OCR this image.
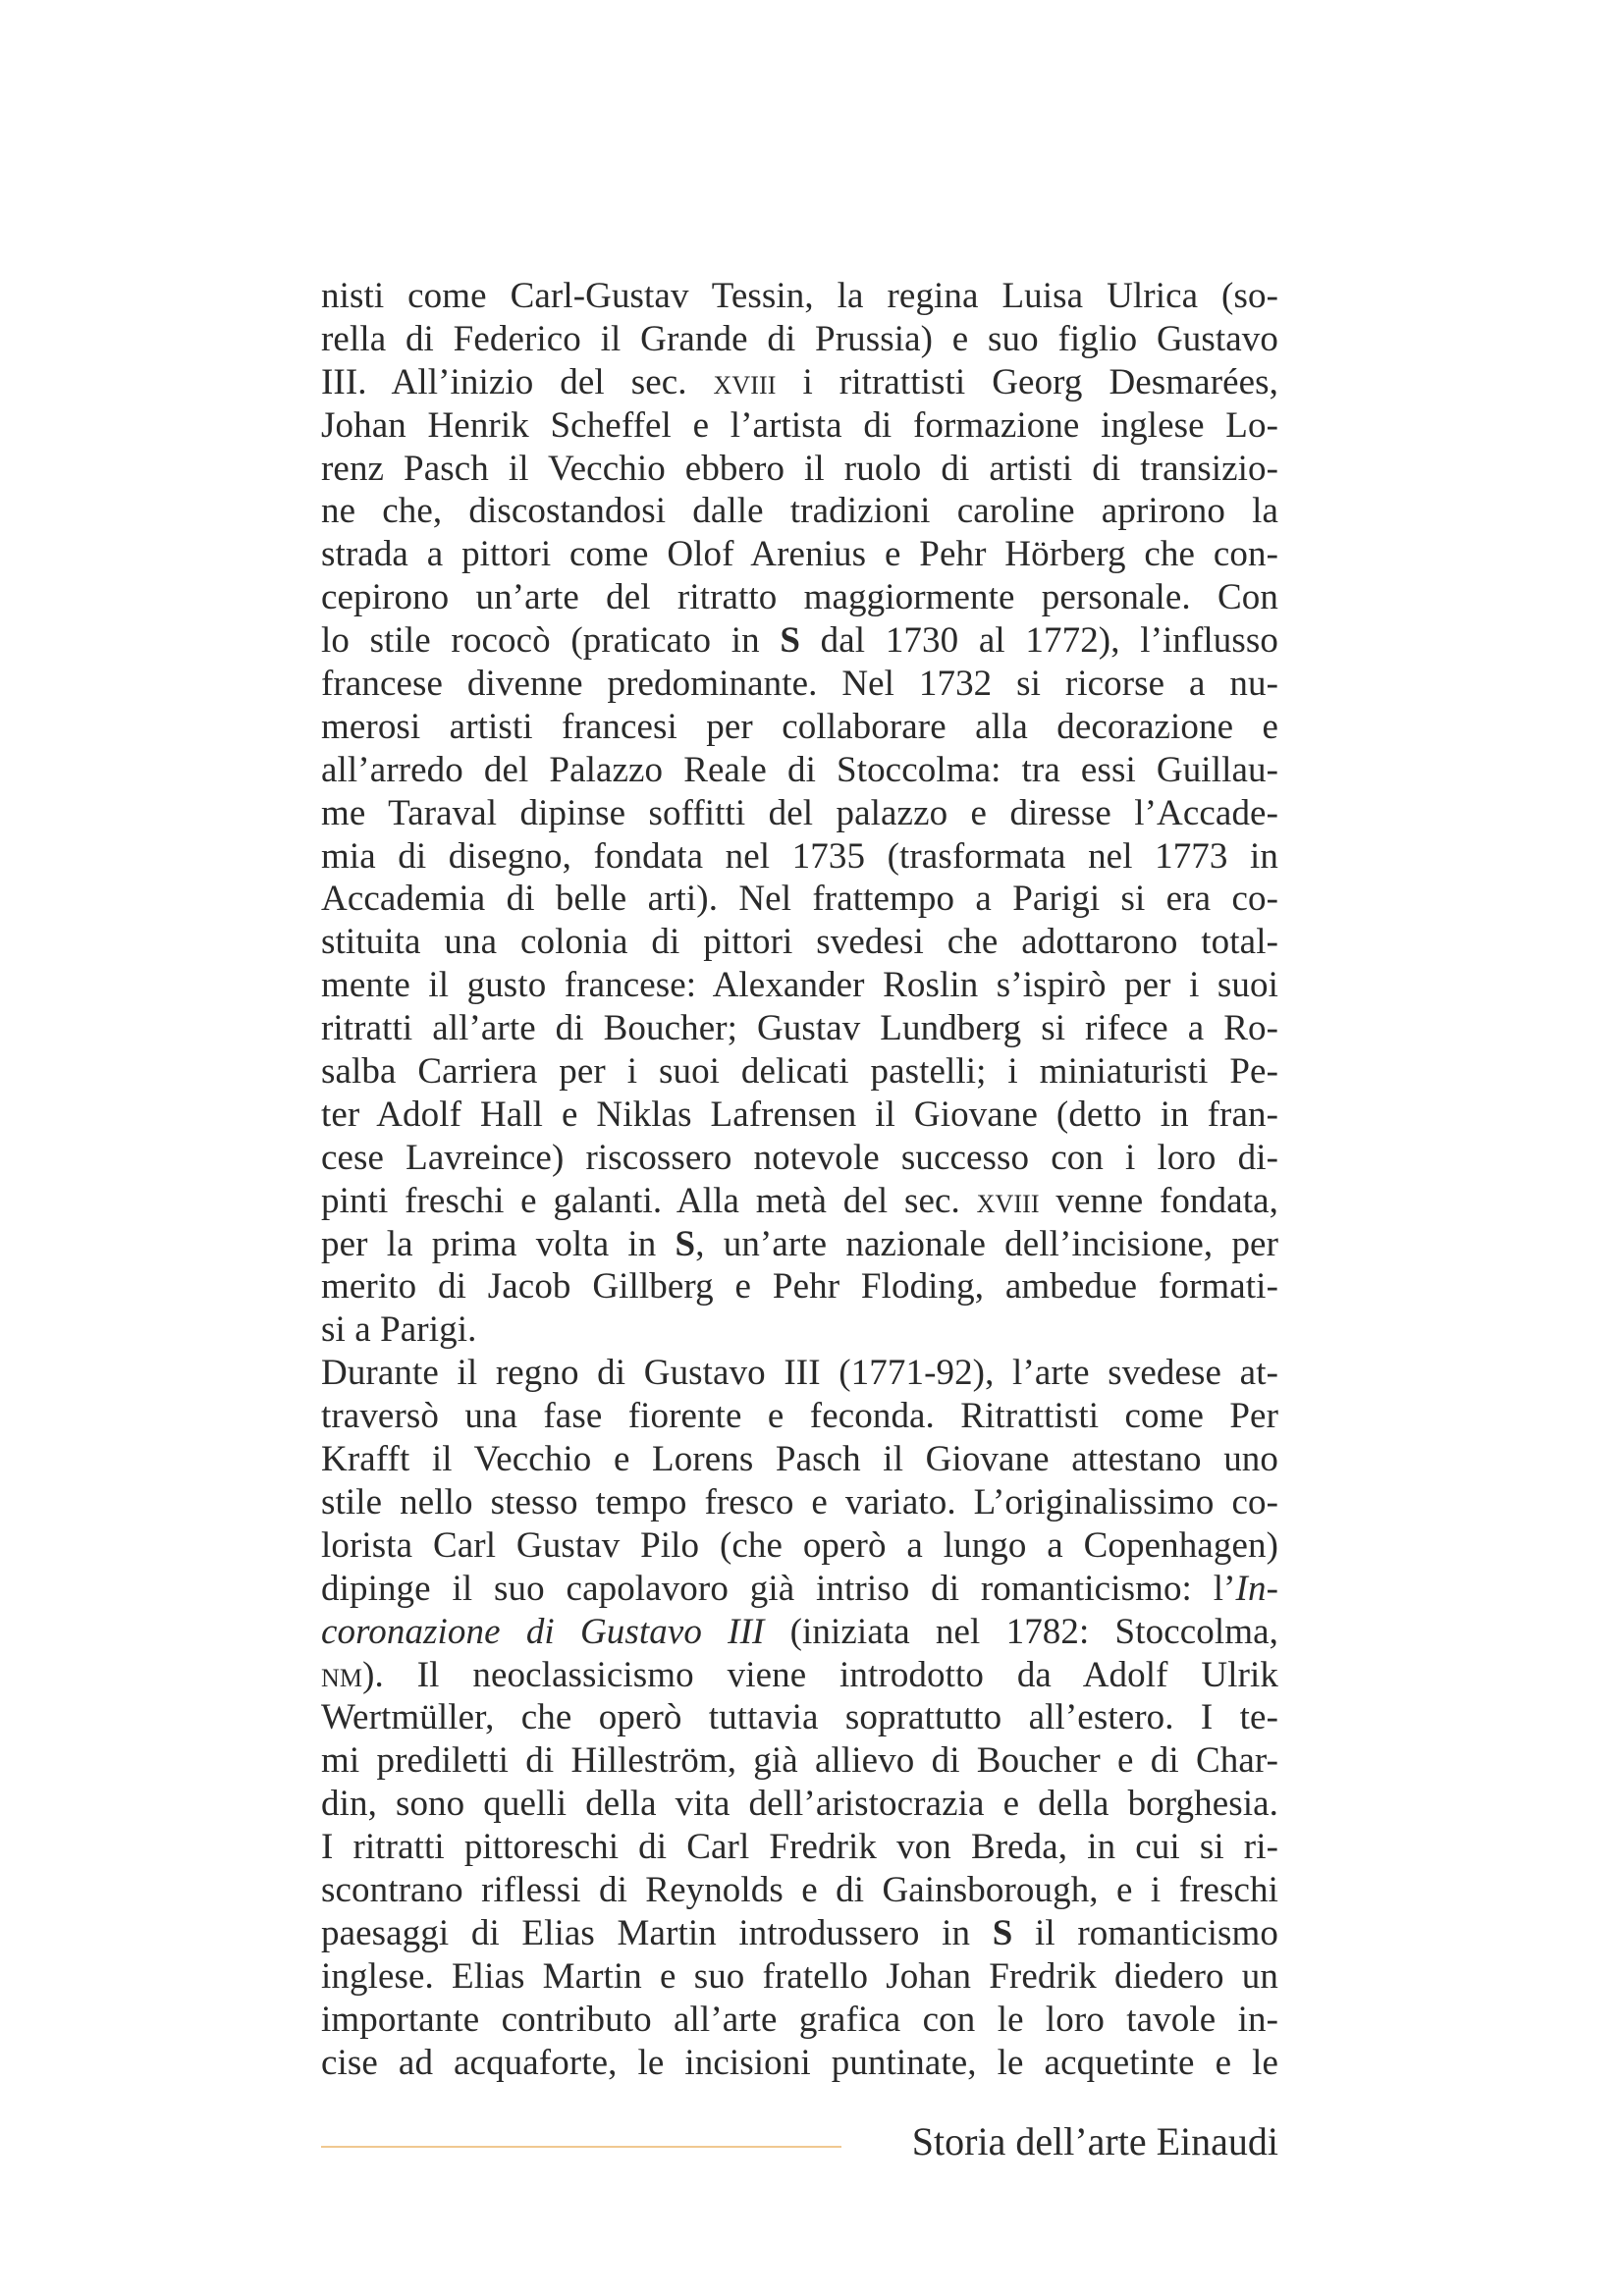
nisti come Carl-Gustav Tessin, la regina Luisa Ulrica (so-
rella di Federico il Grande di Prussia) e suo figlio Gustavo
III. All’inizio del sec. xviii i ritrattisti Georg Desmarées,
Johan Henrik Scheffel e l’artista di formazione inglese Lo-
renz Pasch il Vecchio ebbero il ruolo di artisti di transizio-
ne che, discostandosi dalle tradizioni caroline aprirono la
strada a pittori come Olof Arenius e Pehr Hörberg che con-
cepirono un’arte del ritratto maggiormente personale. Con
lo stile rococò (praticato in S dal 1730 al 1772), l’influsso
francese divenne predominante. Nel 1732 si ricorse a nu-
merosi artisti francesi per collaborare alla decorazione e
all’arredo del Palazzo Reale di Stoccolma: tra essi Guillau-
me Taraval dipinse soffitti del palazzo e diresse l’Accade-
mia di disegno, fondata nel 1735 (trasformata nel 1773 in
Accademia di belle arti). Nel frattempo a Parigi si era co-
stituita una colonia di pittori svedesi che adottarono total-
mente il gusto francese: Alexander Roslin s’ispirò per i suoi
ritratti all’arte di Boucher; Gustav Lundberg si rifece a Ro-
salba Carriera per i suoi delicati pastelli; i miniaturisti Pe-
ter Adolf Hall e Niklas Lafrensen il Giovane (detto in fran-
cese Lavreince) riscossero notevole successo con i loro di-
pinti freschi e galanti. Alla metà del sec. xviii venne fondata,
per la prima volta in S, un’arte nazionale dell’incisione, per
merito di Jacob Gillberg e Pehr Floding, ambedue formati-
si a Parigi.
Durante il regno di Gustavo III (1771-92), l’arte svedese at-
traversò una fase fiorente e feconda. Ritrattisti come Per
Krafft il Vecchio e Lorens Pasch il Giovane attestano uno
stile nello stesso tempo fresco e variato. L’originalissimo co-
lorista Carl Gustav Pilo (che operò a lungo a Copenhagen)
dipinge il suo capolavoro già intriso di romanticismo: l’In-
coronazione di Gustavo III (iniziata nel 1782: Stoccolma,
nm). Il neoclassicismo viene introdotto da Adolf Ulrik
Wertmüller, che operò tuttavia soprattutto all’estero. I te-
mi prediletti di Hilleström, già allievo di Boucher e di Char-
din, sono quelli della vita dell’aristocrazia e della borghesia.
I ritratti pittoreschi di Carl Fredrik von Breda, in cui si ri-
scontrano riflessi di Reynolds e di Gainsborough, e i freschi
paesaggi di Elias Martin introdussero in S il romanticismo
inglese. Elias Martin e suo fratello Johan Fredrik diedero un
importante contributo all’arte grafica con le loro tavole in-
cise ad acquaforte, le incisioni puntinate, le acquetinte e le
Storia dell’arte Einaudi
